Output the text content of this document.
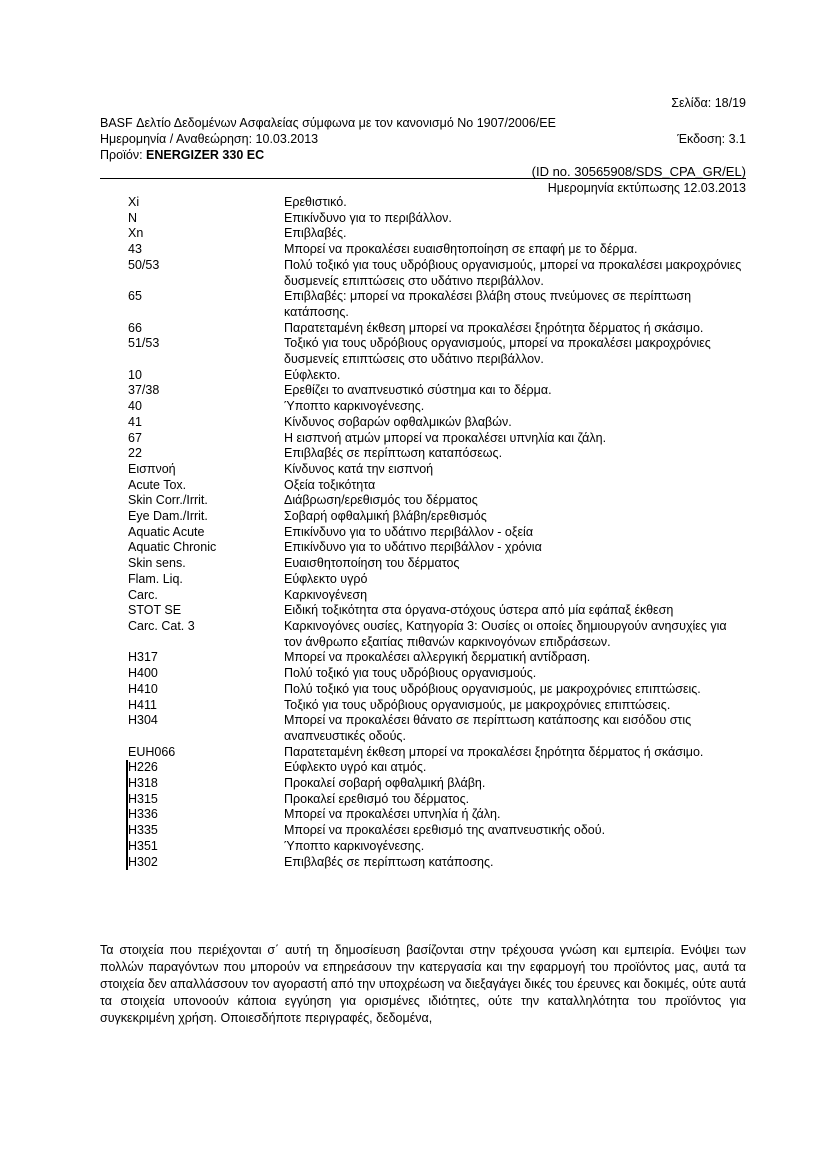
Σελίδα: 18/19
BASF Δελτίο Δεδομένων Ασφαλείας σύμφωνα με τον κανονισμό Νο 1907/2006/ΕΕ
Ημερομηνία / Αναθεώρηση: 10.03.2013	Έκδοση: 3.1
Προϊόν: ENERGIZER 330 EC
(ID no. 30565908/SDS_CPA_GR/EL)
Ημερομηνία εκτύπωσης 12.03.2013
Xi	Ερεθιστικό.
N	Επικίνδυνο για το περιβάλλον.
Xn	Επιβλαβές.
43	Μπορεί να προκαλέσει ευαισθητοποίηση σε επαφή με το δέρμα.
50/53	Πολύ τοξικό για τους υδρόβιους οργανισμούς, μπορεί να προκαλέσει μακροχρόνιες δυσμενείς επιπτώσεις στο υδάτινο περιβάλλον.
65	Επιβλαβές: μπορεί να προκαλέσει βλάβη στους πνεύμονες σε περίπτωση κατάποσης.
66	Παρατεταμένη έκθεση μπορεί να προκαλέσει ξηρότητα δέρματος ή σκάσιμο.
51/53	Τοξικό για τους υδρόβιους οργανισμούς, μπορεί να προκαλέσει μακροχρόνιες δυσμενείς επιπτώσεις στο υδάτινο περιβάλλον.
10	Εύφλεκτο.
37/38	Ερεθίζει το αναπνευστικό σύστημα και το δέρμα.
40	Ύποπτο καρκινογένεσης.
41	Κίνδυνος σοβαρών οφθαλμικών βλαβών.
67	Η εισπνοή ατμών μπορεί να προκαλέσει υπνηλία και ζάλη.
22	Επιβλαβές σε περίπτωση καταπόσεως.
Εισπνοή	Κίνδυνος κατά την εισπνοή
Acute Tox.	Οξεία τοξικότητα
Skin Corr./Irrit.	Διάβρωση/ερεθισμός του δέρματος
Eye Dam./Irrit.	Σοβαρή οφθαλμική βλάβη/ερεθισμός
Aquatic Acute	Επικίνδυνο για το υδάτινο περιβάλλον - οξεία
Aquatic Chronic	Επικίνδυνο για το υδάτινο περιβάλλον - χρόνια
Skin sens.	Ευαισθητοποίηση του δέρματος
Flam. Liq.	Εύφλεκτο υγρό
Carc.	Καρκινογένεση
STOT SE	Ειδική τοξικότητα στα όργανα-στόχους ύστερα από μία εφάπαξ έκθεση
Carc. Cat. 3	Καρκινογόνες ουσίες, Κατηγορία 3: Ουσίες οι οποίες δημιουργούν ανησυχίες για τον άνθρωπο εξαιτίας πιθανών καρκινογόνων επιδράσεων.
H317	Μπορεί να προκαλέσει αλλεργική δερματική αντίδραση.
H400	Πολύ τοξικό για τους υδρόβιους οργανισμούς.
H410	Πολύ τοξικό για τους υδρόβιους οργανισμούς, με μακροχρόνιες επιπτώσεις.
H411	Τοξικό για τους υδρόβιους οργανισμούς, με μακροχρόνιες επιπτώσεις.
H304	Μπορεί να προκαλέσει θάνατο σε περίπτωση κατάποσης και εισόδου στις αναπνευστικές οδούς.
EUH066	Παρατεταμένη έκθεση μπορεί να προκαλέσει ξηρότητα δέρματος ή σκάσιμο.
H226	Εύφλεκτο υγρό και ατμός.
H318	Προκαλεί σοβαρή οφθαλμική βλάβη.
H315	Προκαλεί ερεθισμό του δέρματος.
H336	Μπορεί να προκαλέσει υπνηλία ή ζάλη.
H335	Μπορεί να προκαλέσει ερεθισμό της αναπνευστικής οδού.
H351	Ύποπτο καρκινογένεσης.
H302	Επιβλαβές σε περίπτωση κατάποσης.

Τα στοιχεία που περιέχονται σ΄ αυτή τη δημοσίευση βασίζονται στην τρέχουσα γνώση και εμπειρία. Ενόψει των πολλών παραγόντων που μπορούν να επηρεάσουν την κατεργασία και την εφαρμογή του προϊόντος μας, αυτά τα στοιχεία δεν απαλλάσσουν τον αγοραστή από την υποχρέωση να διεξαγάγει δικές του έρευνες και δοκιμές, ούτε αυτά τα στοιχεία υπονοούν κάποια εγγύηση για ορισμένες ιδιότητες, ούτε την καταλληλότητα του προϊόντος για συγκεκριμένη χρήση. Οποιεσδήποτε περιγραφές, δεδομένα,
